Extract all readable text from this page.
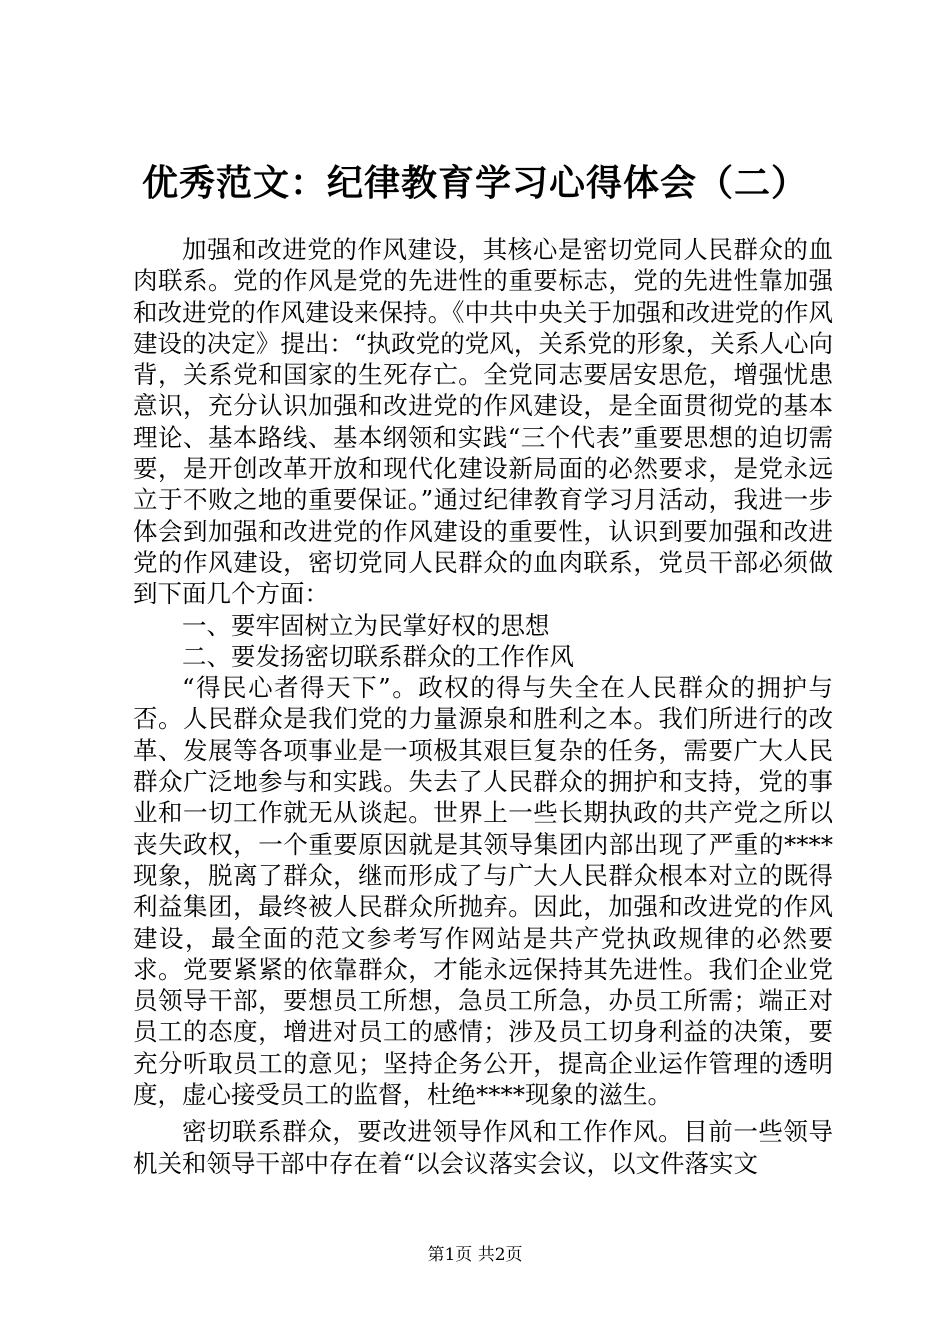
优秀范文：纪律教育学习心得体会（二）

加强和改进党的作风建设，其核心是密切党同人民群众的血肉联系。党的作风是党的先进性的重要标志，党的先进性靠加强和改进党的作风建设来保持。《中共中央关于加强和改进党的作风建设的决定》提出：“执政党的党风，关系党的形象，关系人心向背，关系党和国家的生死存亡。全党同志要居安思危，增强忧患意识，充分认识加强和改进党的作风建设，是全面贯彻党的基本理论、基本路线、基本纲领和实践“三个代表”重要思想的迫切需要，是开创改革开放和现代化建设新局面的必然要求，是党永远立于不败之地的重要保证。”通过纪律教育学习月活动，我进一步体会到加强和改进党的作风建设的重要性，认识到要加强和改进党的作风建设，密切党同人民群众的血肉联系，党员干部必须做到下面几个方面：

一、要牢固树立为民掌好权的思想

二、要发扬密切联系群众的工作作风

“得民心者得天下”。政权的得与失全在人民群众的拥护与否。人民群众是我们党的力量源泉和胜利之本。我们所进行的改革、发展等各项事业是一项极其艰巨复杂的任务，需要广大人民群众广泛地参与和实践。失去了人民群众的拥护和支持，党的事业和一切工作就无从谈起。世界上一些长期执政的共产党之所以丧失政权，一个重要原因就是其领导集团内部出现了严重的****现象，脱离了群众，继而形成了与广大人民群众根本对立的既得利益集团，最终被人民群众所抛弃。因此，加强和改进党的作风建设，最全面的范文参考写作网站是共产党执政规律的必然要求。党要紧紧的依靠群众，才能永远保持其先进性。我们企业党员领导干部，要想员工所想，急员工所急，办员工所需；端正对员工的态度，增进对员工的感情；涉及员工切身利益的决策，要充分听取员工的意见；坚持企务公开，提高企业运作管理的透明度，虚心接受员工的监督，杜绝****现象的滋生。

密切联系群众，要改进领导作风和工作作风。目前一些领导机关和领导干部中存在着“以会议落实会议，以文件落实文

第1页 共2页
